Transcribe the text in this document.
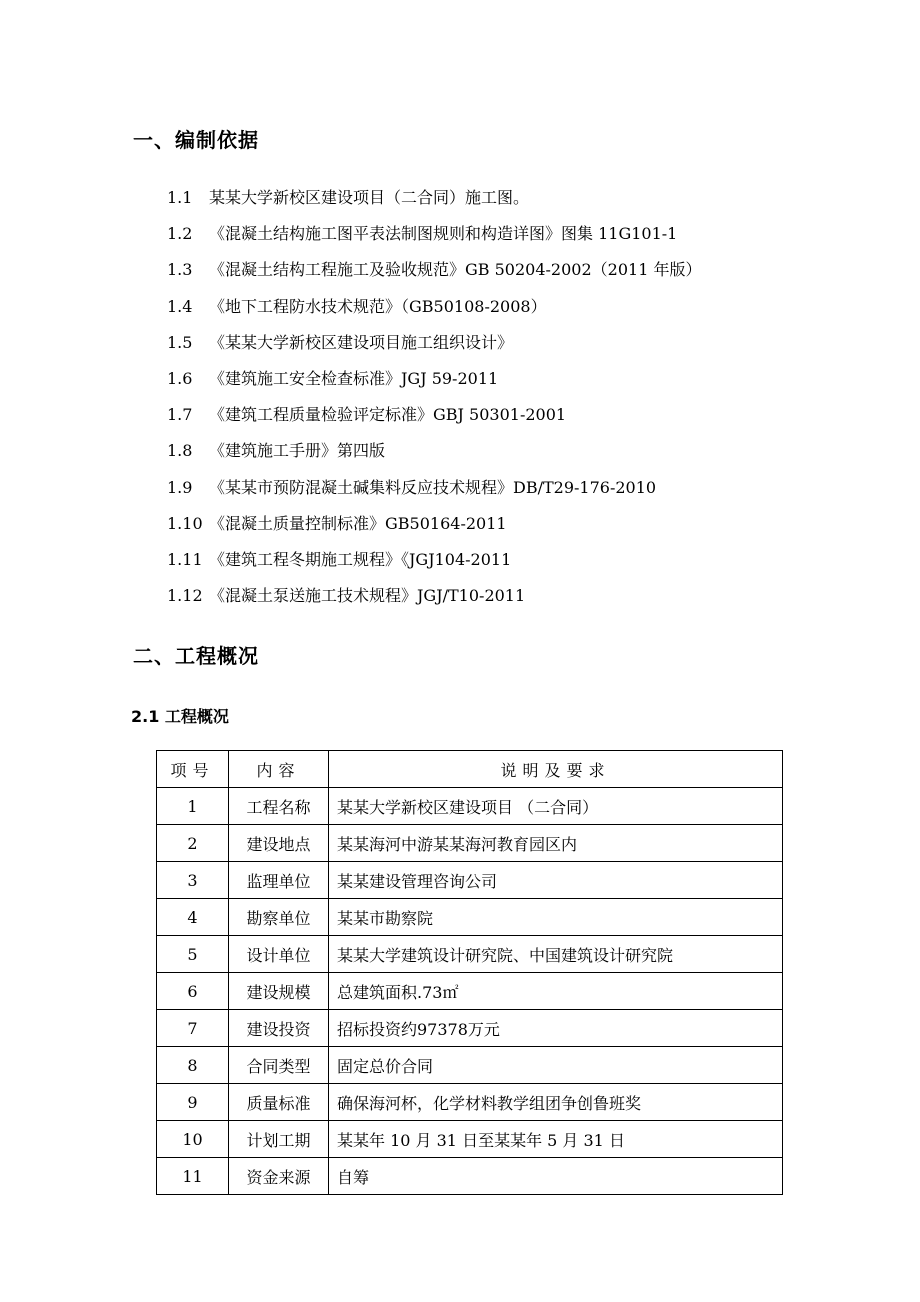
一、编制依据
1.1 某某大学新校区建设项目（二合同）施工图。
1.2 《混凝土结构施工图平表法制图规则和构造详图》图集 11G101-1
1.3 《混凝土结构工程施工及验收规范》GB 50204-2002（2011 年版）
1.4 《地下工程防水技术规范》（GB50108-2008）
1.5 《某某大学新校区建设项目施工组织设计》
1.6 《建筑施工安全检查标准》JGJ 59-2011
1.7 《建筑工程质量检验评定标准》GBJ 50301-2001
1.8 《建筑施工手册》第四版
1.9 《某某市预防混凝土碱集料反应技术规程》DB/T29-176-2010
1.10 《混凝土质量控制标准》GB50164-2011
1.11 《建筑工程冬期施工规程》《JGJ104-2011
1.12 《混凝土泵送施工技术规程》JGJ/T10-2011
二、工程概况
2.1 工程概况
项号	内容	说明及要求
1	工程名称	某某大学新校区建设项目 （二合同）
2	建设地点	某某海河中游某某海河教育园区内
3	监理单位	某某建设管理咨询公司
4	勘察单位	某某市勘察院
5	设计单位	某某大学建筑设计研究院、中国建筑设计研究院
6	建设规模	总建筑面积.73㎡
7	建设投资	招标投资约97378万元
8	合同类型	固定总价合同
9	质量标准	确保海河杯，化学材料教学组团争创鲁班奖
10	计划工期	某某年 10 月 31 日至某某年 5 月 31 日
11	资金来源	自筹
